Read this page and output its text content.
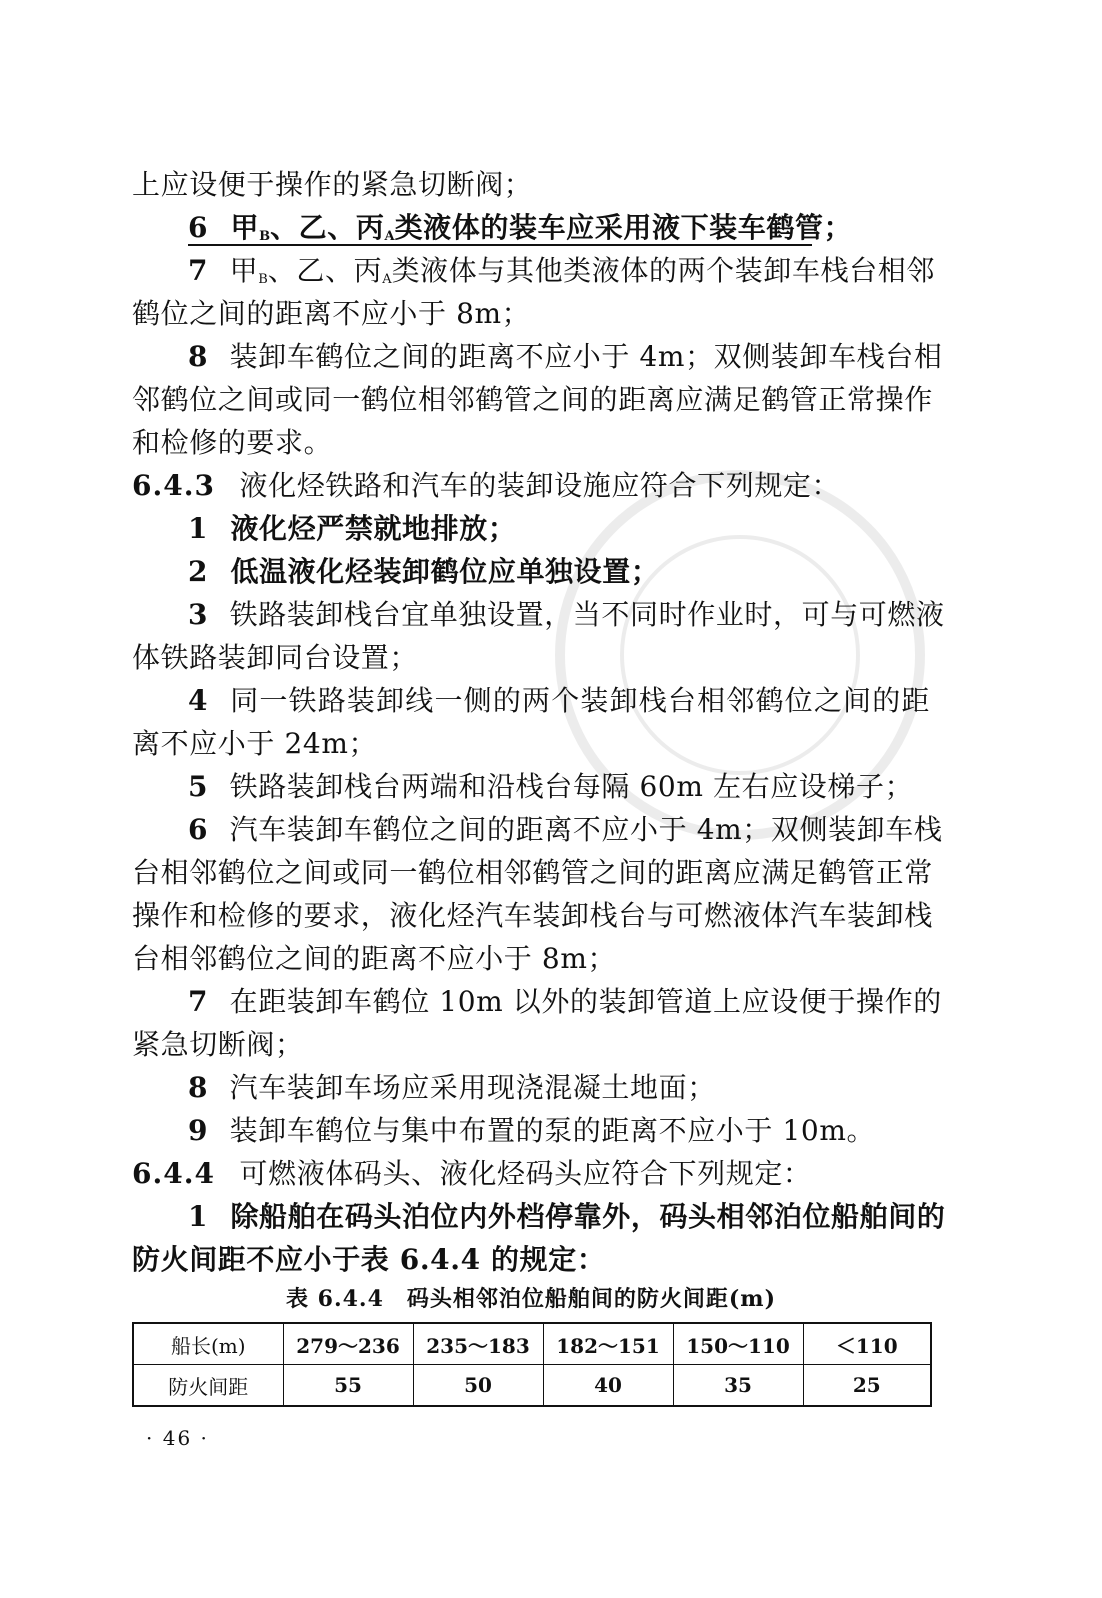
上应设便于操作的紧急切断阀；
6 甲$_B$、乙、丙$_A$类液体的装车应采用液下装车鹤管；
7 甲$_B$、乙、丙$_A$类液体与其他类液体的两个装卸车栈台相邻
鹤位之间的距离不应小于 8m；
8 装卸车鹤位之间的距离不应小于 4m；双侧装卸车栈台相
邻鹤位之间或同一鹤位相邻鹤管之间的距离应满足鹤管正常操作
和检修的要求。
6.4.3 液化烃铁路和汽车的装卸设施应符合下列规定：
1 液化烃严禁就地排放；
2 低温液化烃装卸鹤位应单独设置；
3 铁路装卸栈台宜单独设置，当不同时作业时，可与可燃液
体铁路装卸同台设置；
4 同一铁路装卸线一侧的两个装卸栈台相邻鹤位之间的距
离不应小于 24m；
5 铁路装卸栈台两端和沿栈台每隔 60m 左右应设梯子；
6 汽车装卸车鹤位之间的距离不应小于 4m；双侧装卸车栈
台相邻鹤位之间或同一鹤位相邻鹤管之间的距离应满足鹤管正常
操作和检修的要求，液化烃汽车装卸栈台与可燃液体汽车装卸栈
台相邻鹤位之间的距离不应小于 8m；
7 在距装卸车鹤位 10m 以外的装卸管道上应设便于操作的
紧急切断阀；
8 汽车装卸车场应采用现浇混凝土地面；
9 装卸车鹤位与集中布置的泵的距离不应小于 10m。
6.4.4 可燃液体码头、液化烃码头应符合下列规定：
1 除船舶在码头泊位内外档停靠外，码头相邻泊位船舶间的
防火间距不应小于表 6.4.4 的规定：
表 6.4.4　码头相邻泊位船舶间的防火间距(m)
船长(m)	279～236	235～183	182～151	150～110	＜110
防火间距	55	50	40	35	25
· 46 ·
